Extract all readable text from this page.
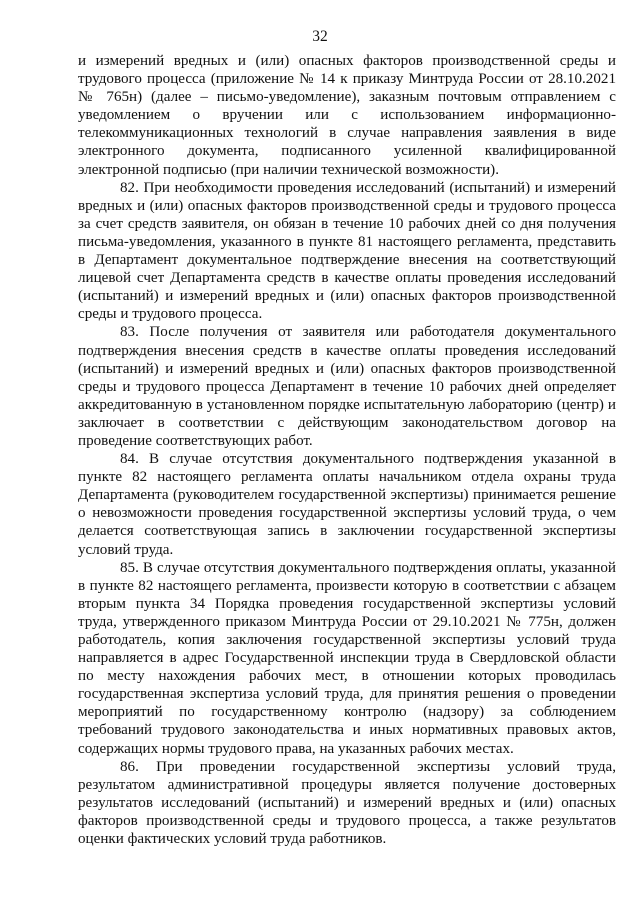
32

и измерений вредных и (или) опасных факторов производственной среды и трудового процесса (приложение № 14 к приказу Минтруда России от 28.10.2021 № 765н) (далее – письмо-уведомление), заказным почтовым отправлением с уведомлением о вручении или с использованием информационно-телекоммуникационных технологий в случае направления заявления в виде электронного документа, подписанного усиленной квалифицированной электронной подписью (при наличии технической возможности).

82. При необходимости проведения исследований (испытаний) и измерений вредных и (или) опасных факторов производственной среды и трудового процесса за счет средств заявителя, он обязан в течение 10 рабочих дней со дня получения письма-уведомления, указанного в пункте 81 настоящего регламента, представить в Департамент документальное подтверждение внесения на соответствующий лицевой счет Департамента средств в качестве оплаты проведения исследований (испытаний) и измерений вредных и (или) опасных факторов производственной среды и трудового процесса.

83. После получения от заявителя или работодателя документального подтверждения внесения средств в качестве оплаты проведения исследований (испытаний) и измерений вредных и (или) опасных факторов производственной среды и трудового процесса Департамент в течение 10 рабочих дней определяет аккредитованную в установленном порядке испытательную лабораторию (центр) и заключает в соответствии с действующим законодательством договор на проведение соответствующих работ.

84. В случае отсутствия документального подтверждения указанной в пункте 82 настоящего регламента оплаты начальником отдела охраны труда Департамента (руководителем государственной экспертизы) принимается решение о невозможности проведения государственной экспертизы условий труда, о чем делается соответствующая запись в заключении государственной экспертизы условий труда.

85. В случае отсутствия документального подтверждения оплаты, указанной в пункте 82 настоящего регламента, произвести которую в соответствии с абзацем вторым пункта 34 Порядка проведения государственной экспертизы условий труда, утвержденного приказом Минтруда России от 29.10.2021 № 775н, должен работодатель, копия заключения государственной экспертизы условий труда направляется в адрес Государственной инспекции труда в Свердловской области по месту нахождения рабочих мест, в отношении которых проводилась государственная экспертиза условий труда, для принятия решения о проведении мероприятий по государственному контролю (надзору) за соблюдением требований трудового законодательства и иных нормативных правовых актов, содержащих нормы трудового права, на указанных рабочих местах.

86. При проведении государственной экспертизы условий труда, результатом административной процедуры является получение достоверных результатов исследований (испытаний) и измерений вредных и (или) опасных факторов производственной среды и трудового процесса, а также результатов оценки фактических условий труда работников.
